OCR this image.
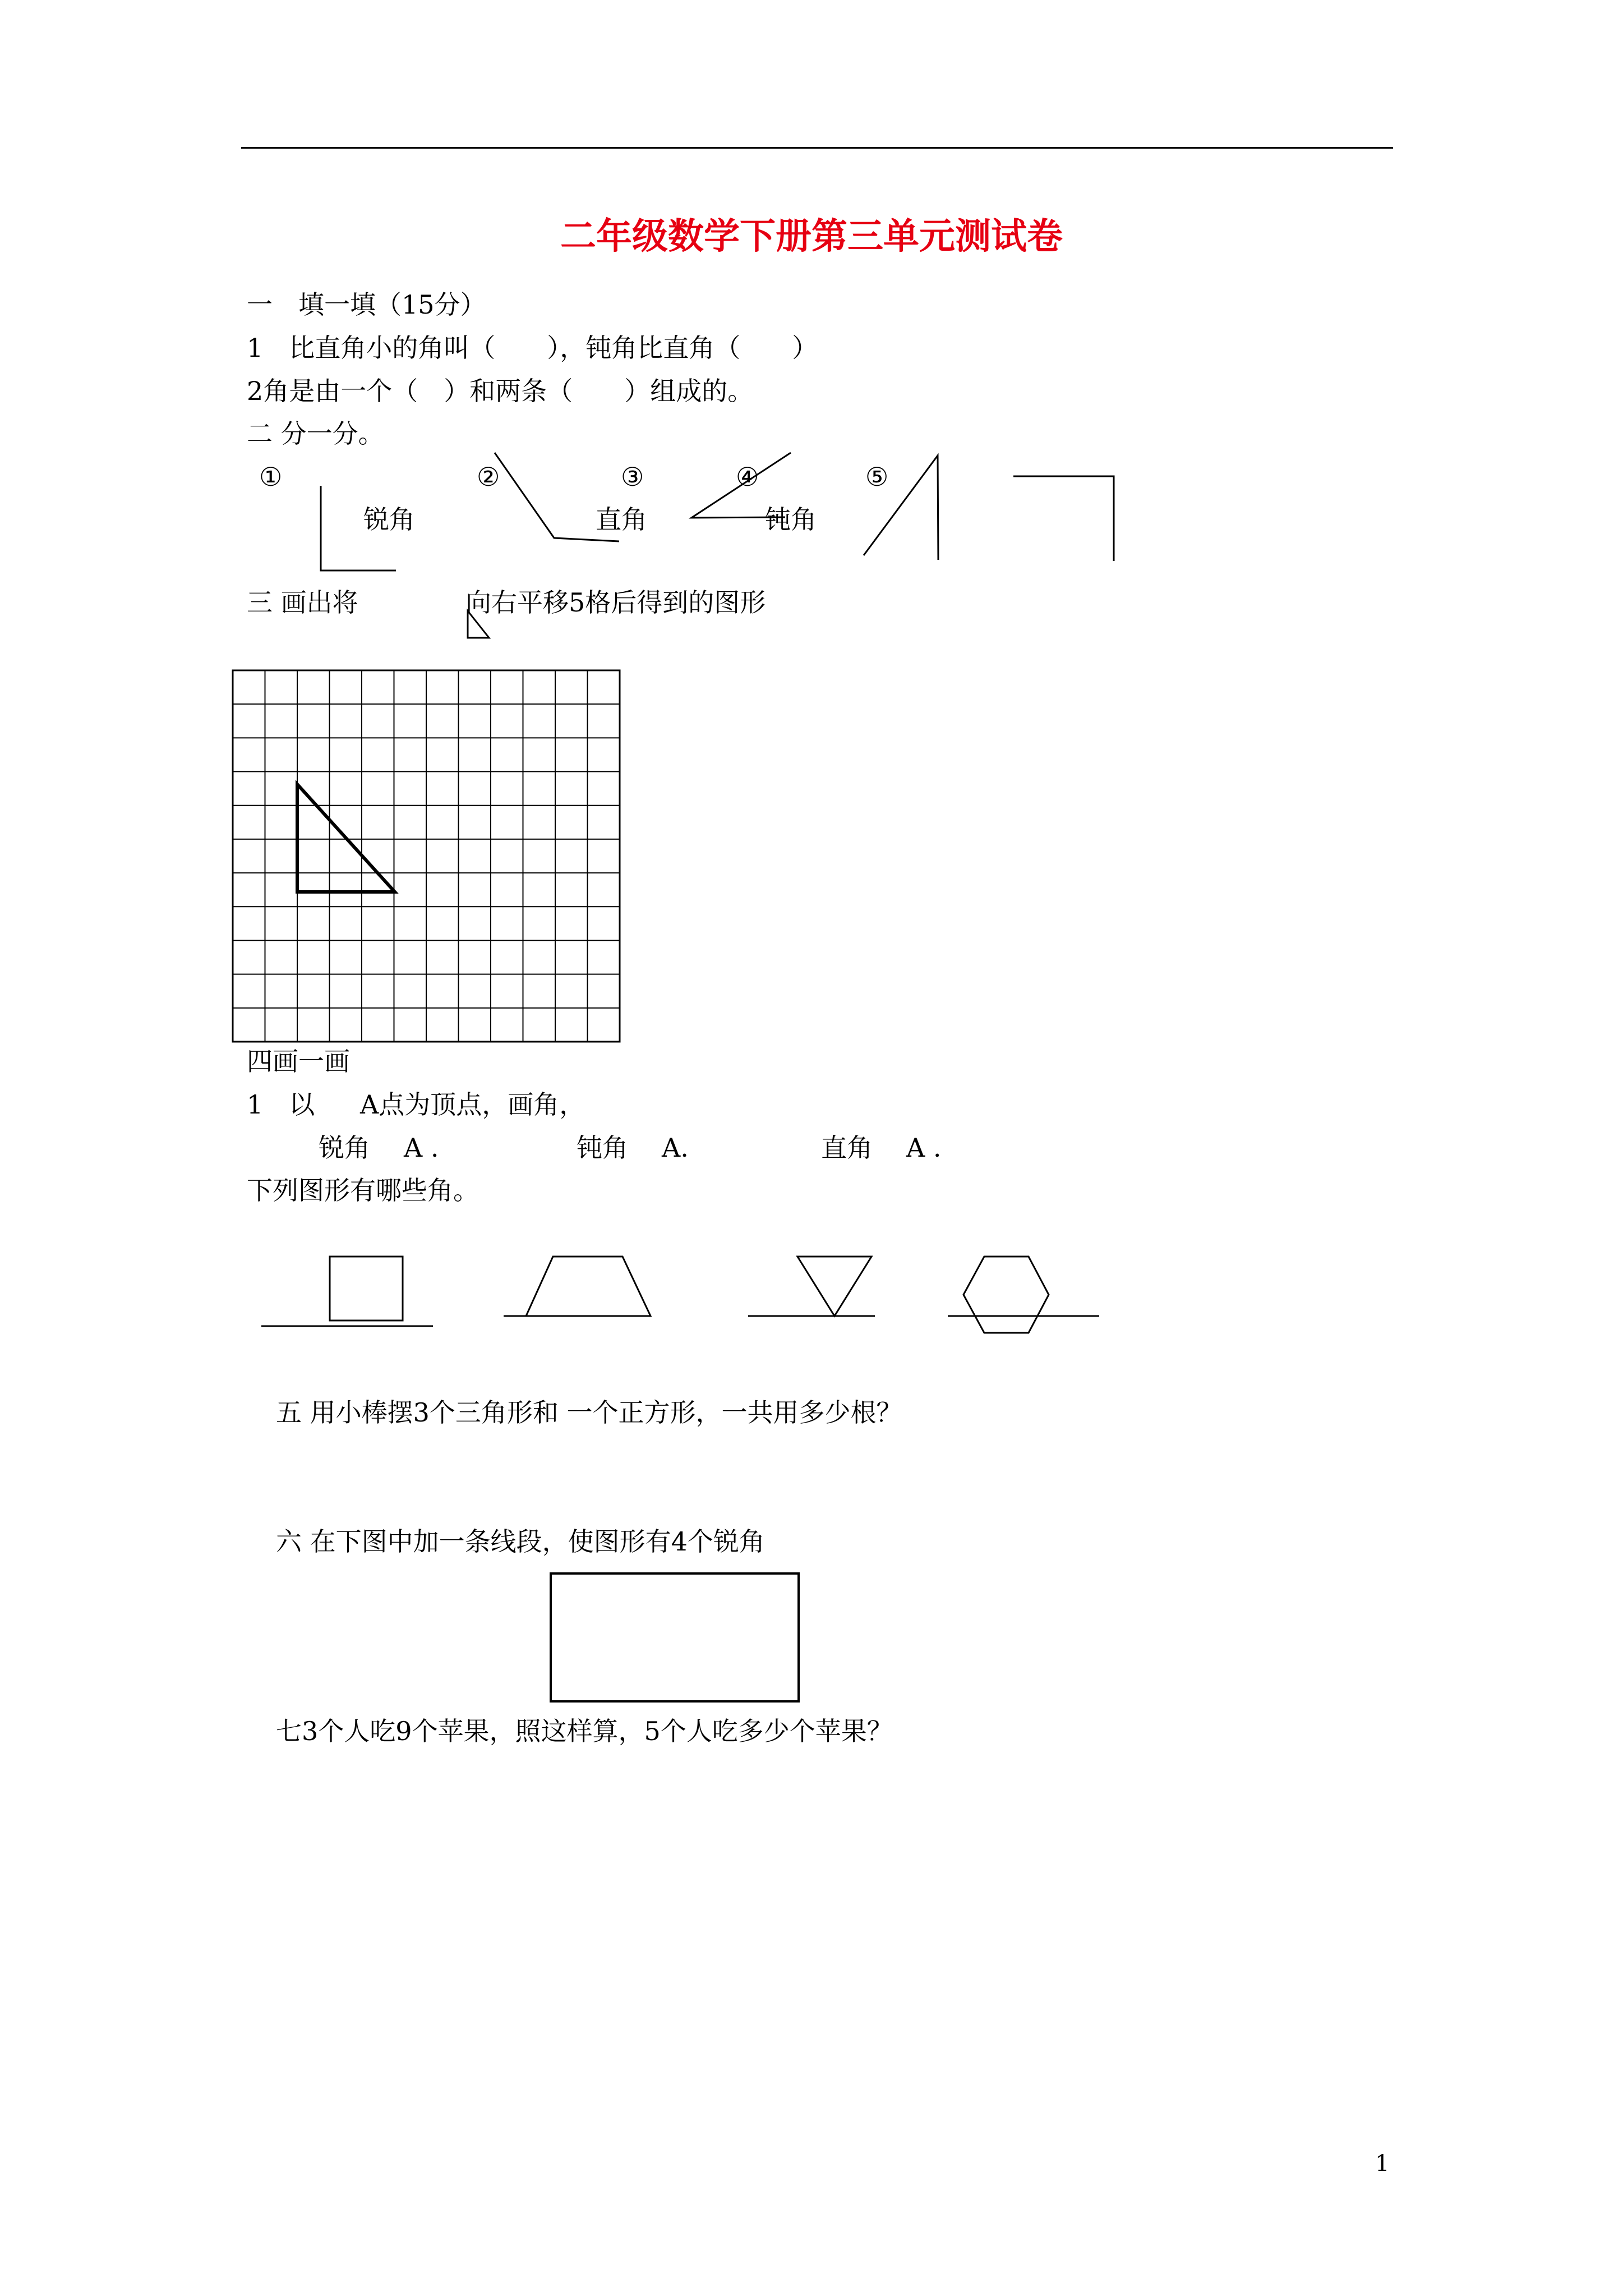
二年级数学下册第三单元测试卷
一　填一填（15分）
1　比直角小的角叫（　　），钝角比直角（　　）
2角是由一个（　）和两条（　　）组成的。
二 分一分。
①	②	③	④	⑤
锐角	直角	钝角
三 画出将	向右平移5格后得到的图形
四画一画
1　以 A点为顶点，画角，
锐角 A .	钝角 A.	直角 A .
下列图形有哪些角。
五 用小棒摆3个三角形和 一个正方形，一共用多少根？
六 在下图中加一条线段，使图形有4个锐角
七3个人吃9个苹果，照这样算，5个人吃多少个苹果？
1
